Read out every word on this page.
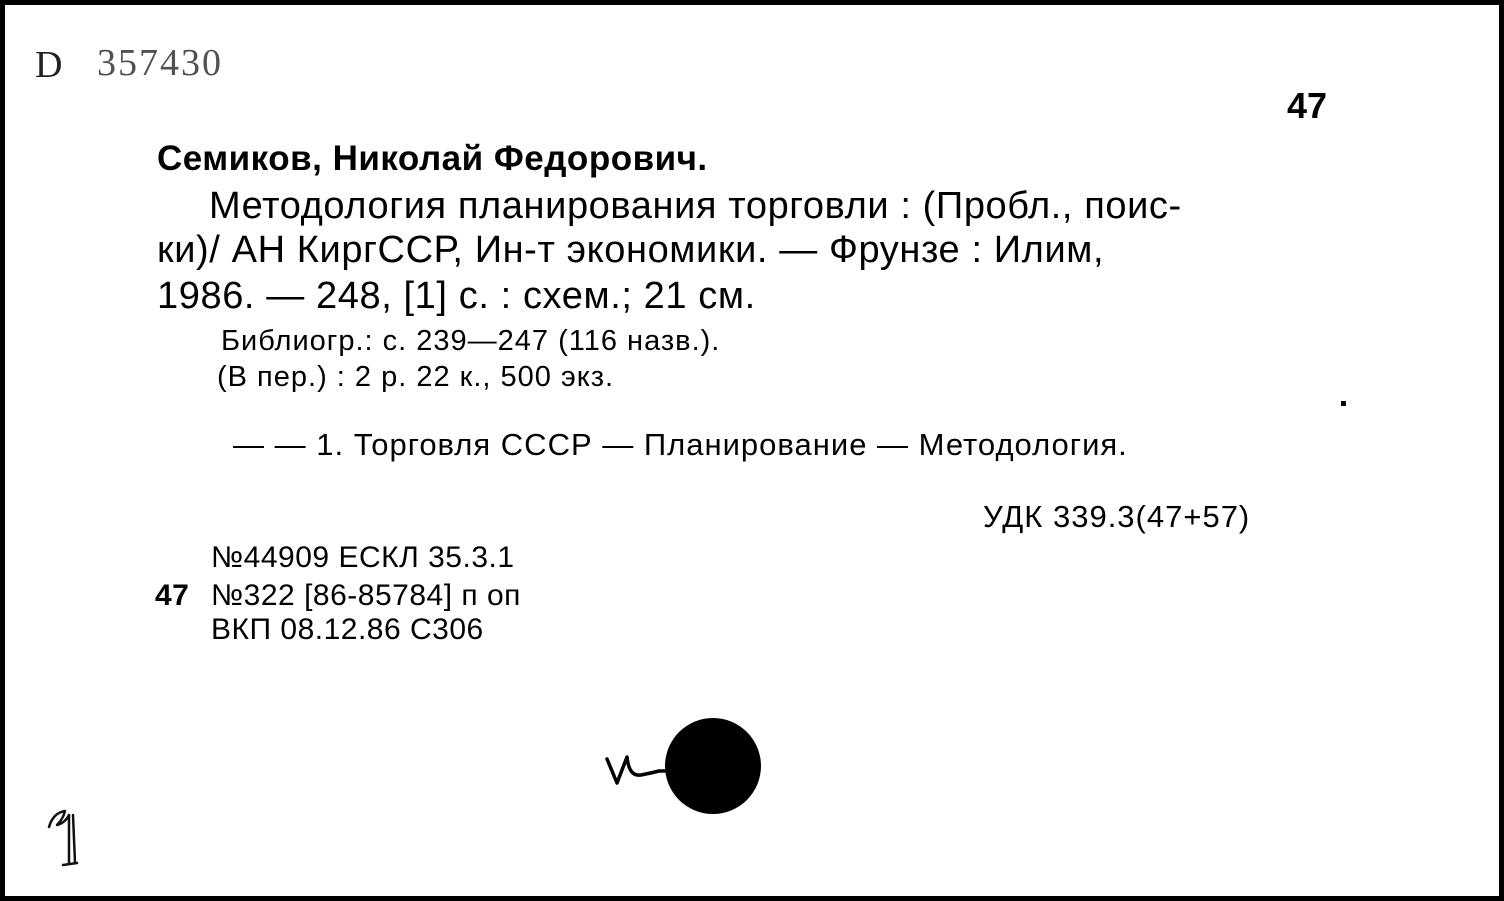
D 357430
47
Семиков, Николай Федорович.
Методология планирования торговли : (Пробл., поис-
ки)/ АН КиргССР, Ин-т экономики. — Фрунзе : Илим,
1986. — 248, [1] с. : схем.; 21 см.
Библиогр.: с. 239—247 (116 назв.).
(В пер.) : 2 р. 22 к., 500 экз.
— — 1. Торговля СССР — Планирование — Методология.
УДК 339.3(47+57)
№44909 ЕСКЛ 35.3.1
47 №322 [86-85784] п оп
ВКП 08.12.86 С306
